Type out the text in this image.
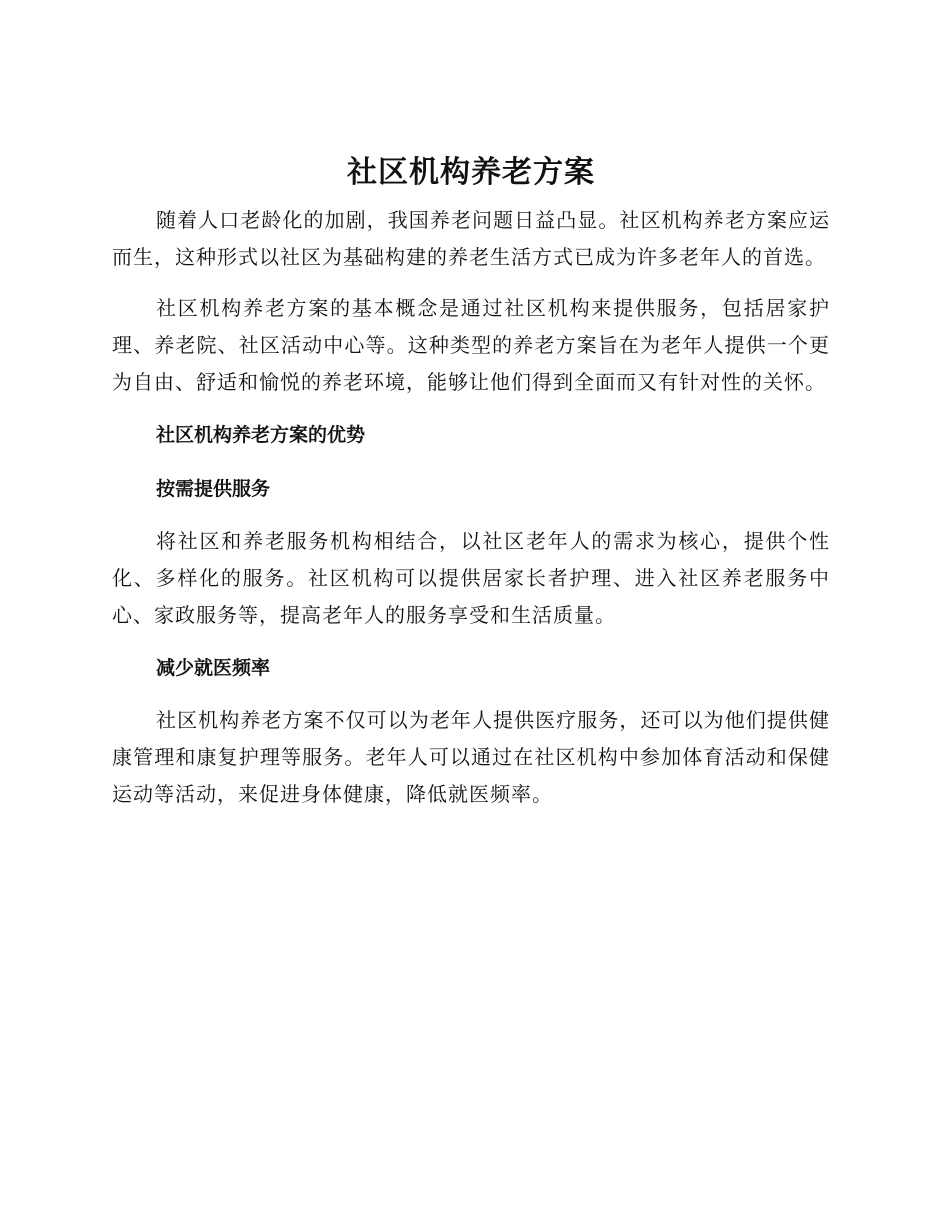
社区机构养老方案

随着人口老龄化的加剧，我国养老问题日益凸显。社区机构养老方案应运而生，这种形式以社区为基础构建的养老生活方式已成为许多老年人的首选。

社区机构养老方案的基本概念是通过社区机构来提供服务，包括居家护理、养老院、社区活动中心等。这种类型的养老方案旨在为老年人提供一个更为自由、舒适和愉悦的养老环境，能够让他们得到全面而又有针对性的关怀。

社区机构养老方案的优势
按需提供服务

将社区和养老服务机构相结合，以社区老年人的需求为核心，提供个性化、多样化的服务。社区机构可以提供居家长者护理、进入社区养老服务中心、家政服务等，提高老年人的服务享受和生活质量。

减少就医频率

社区机构养老方案不仅可以为老年人提供医疗服务，还可以为他们提供健康管理和康复护理等服务。老年人可以通过在社区机构中参加体育活动和保健运动等活动，来促进身体健康，降低就医频率。
